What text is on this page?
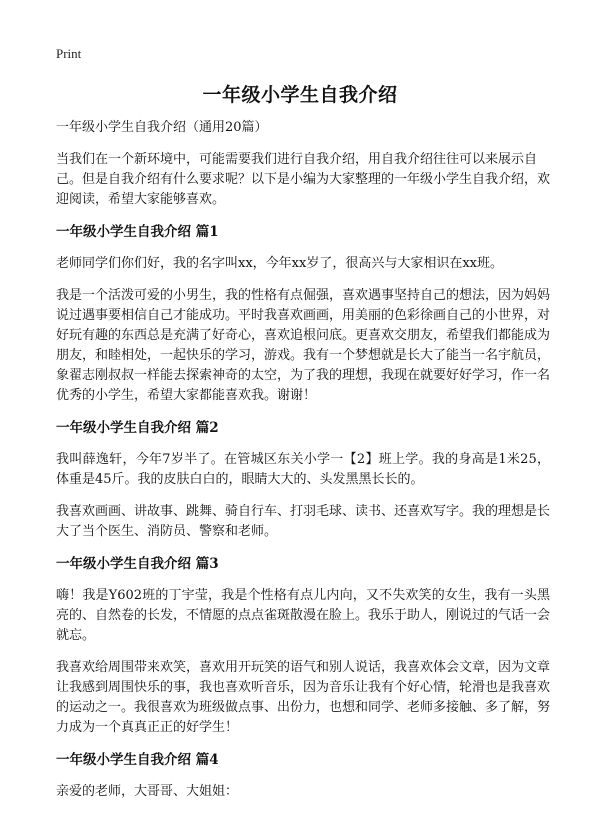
Print
一年级小学生自我介绍

一年级小学生自我介绍（通用20篇）

当我们在一个新环境中，可能需要我们进行自我介绍，用自我介绍往往可以来展示自己。但是自我介绍有什么要求呢？以下是小编为大家整理的一年级小学生自我介绍，欢迎阅读，希望大家能够喜欢。

一年级小学生自我介绍 篇1

老师同学们你们好，我的名字叫xx，今年xx岁了，很高兴与大家相识在xx班。

我是一个活泼可爱的小男生，我的性格有点倔强，喜欢遇事坚持自己的想法，因为妈妈说过遇事要相信自己才能成功。平时我喜欢画画，用美丽的色彩徐画自己的小世界，对好玩有趣的东西总是充满了好奇心，喜欢追根问底。更喜欢交朋友，希望我们都能成为朋友，和睦相处，一起快乐的学习，游戏。我有一个梦想就是长大了能当一名宇航员，象翟志刚叔叔一样能去探索神奇的太空，为了我的理想，我现在就要好好学习，作一名优秀的小学生，希望大家都能喜欢我。谢谢！

一年级小学生自我介绍 篇2

我叫薛逸轩，今年7岁半了。在管城区东关小学一【2】班上学。我的身高是1米25，体重是45斤。我的皮肤白白的，眼睛大大的、头发黑黑长长的。

我喜欢画画、讲故事、跳舞、骑自行车、打羽毛球、读书、还喜欢写字。我的理想是长大了当个医生、消防员、警察和老师。

一年级小学生自我介绍 篇3

嗨！我是Y602班的丁宇莹，我是个性格有点儿内向，又不失欢笑的女生，我有一头黑亮的、自然卷的长发，不情愿的点点雀斑散漫在脸上。我乐于助人，刚说过的气话一会就忘。

我喜欢给周围带来欢笑，喜欢用开玩笑的语气和别人说话，我喜欢体会文章，因为文章让我感到周围快乐的事，我也喜欢听音乐，因为音乐让我有个好心情，轮滑也是我喜欢的运动之一。我很喜欢为班级做点事、出份力，也想和同学、老师多接触、多了解，努力成为一个真真正正的好学生！

一年级小学生自我介绍 篇4

亲爱的老师，大哥哥、大姐姐：
